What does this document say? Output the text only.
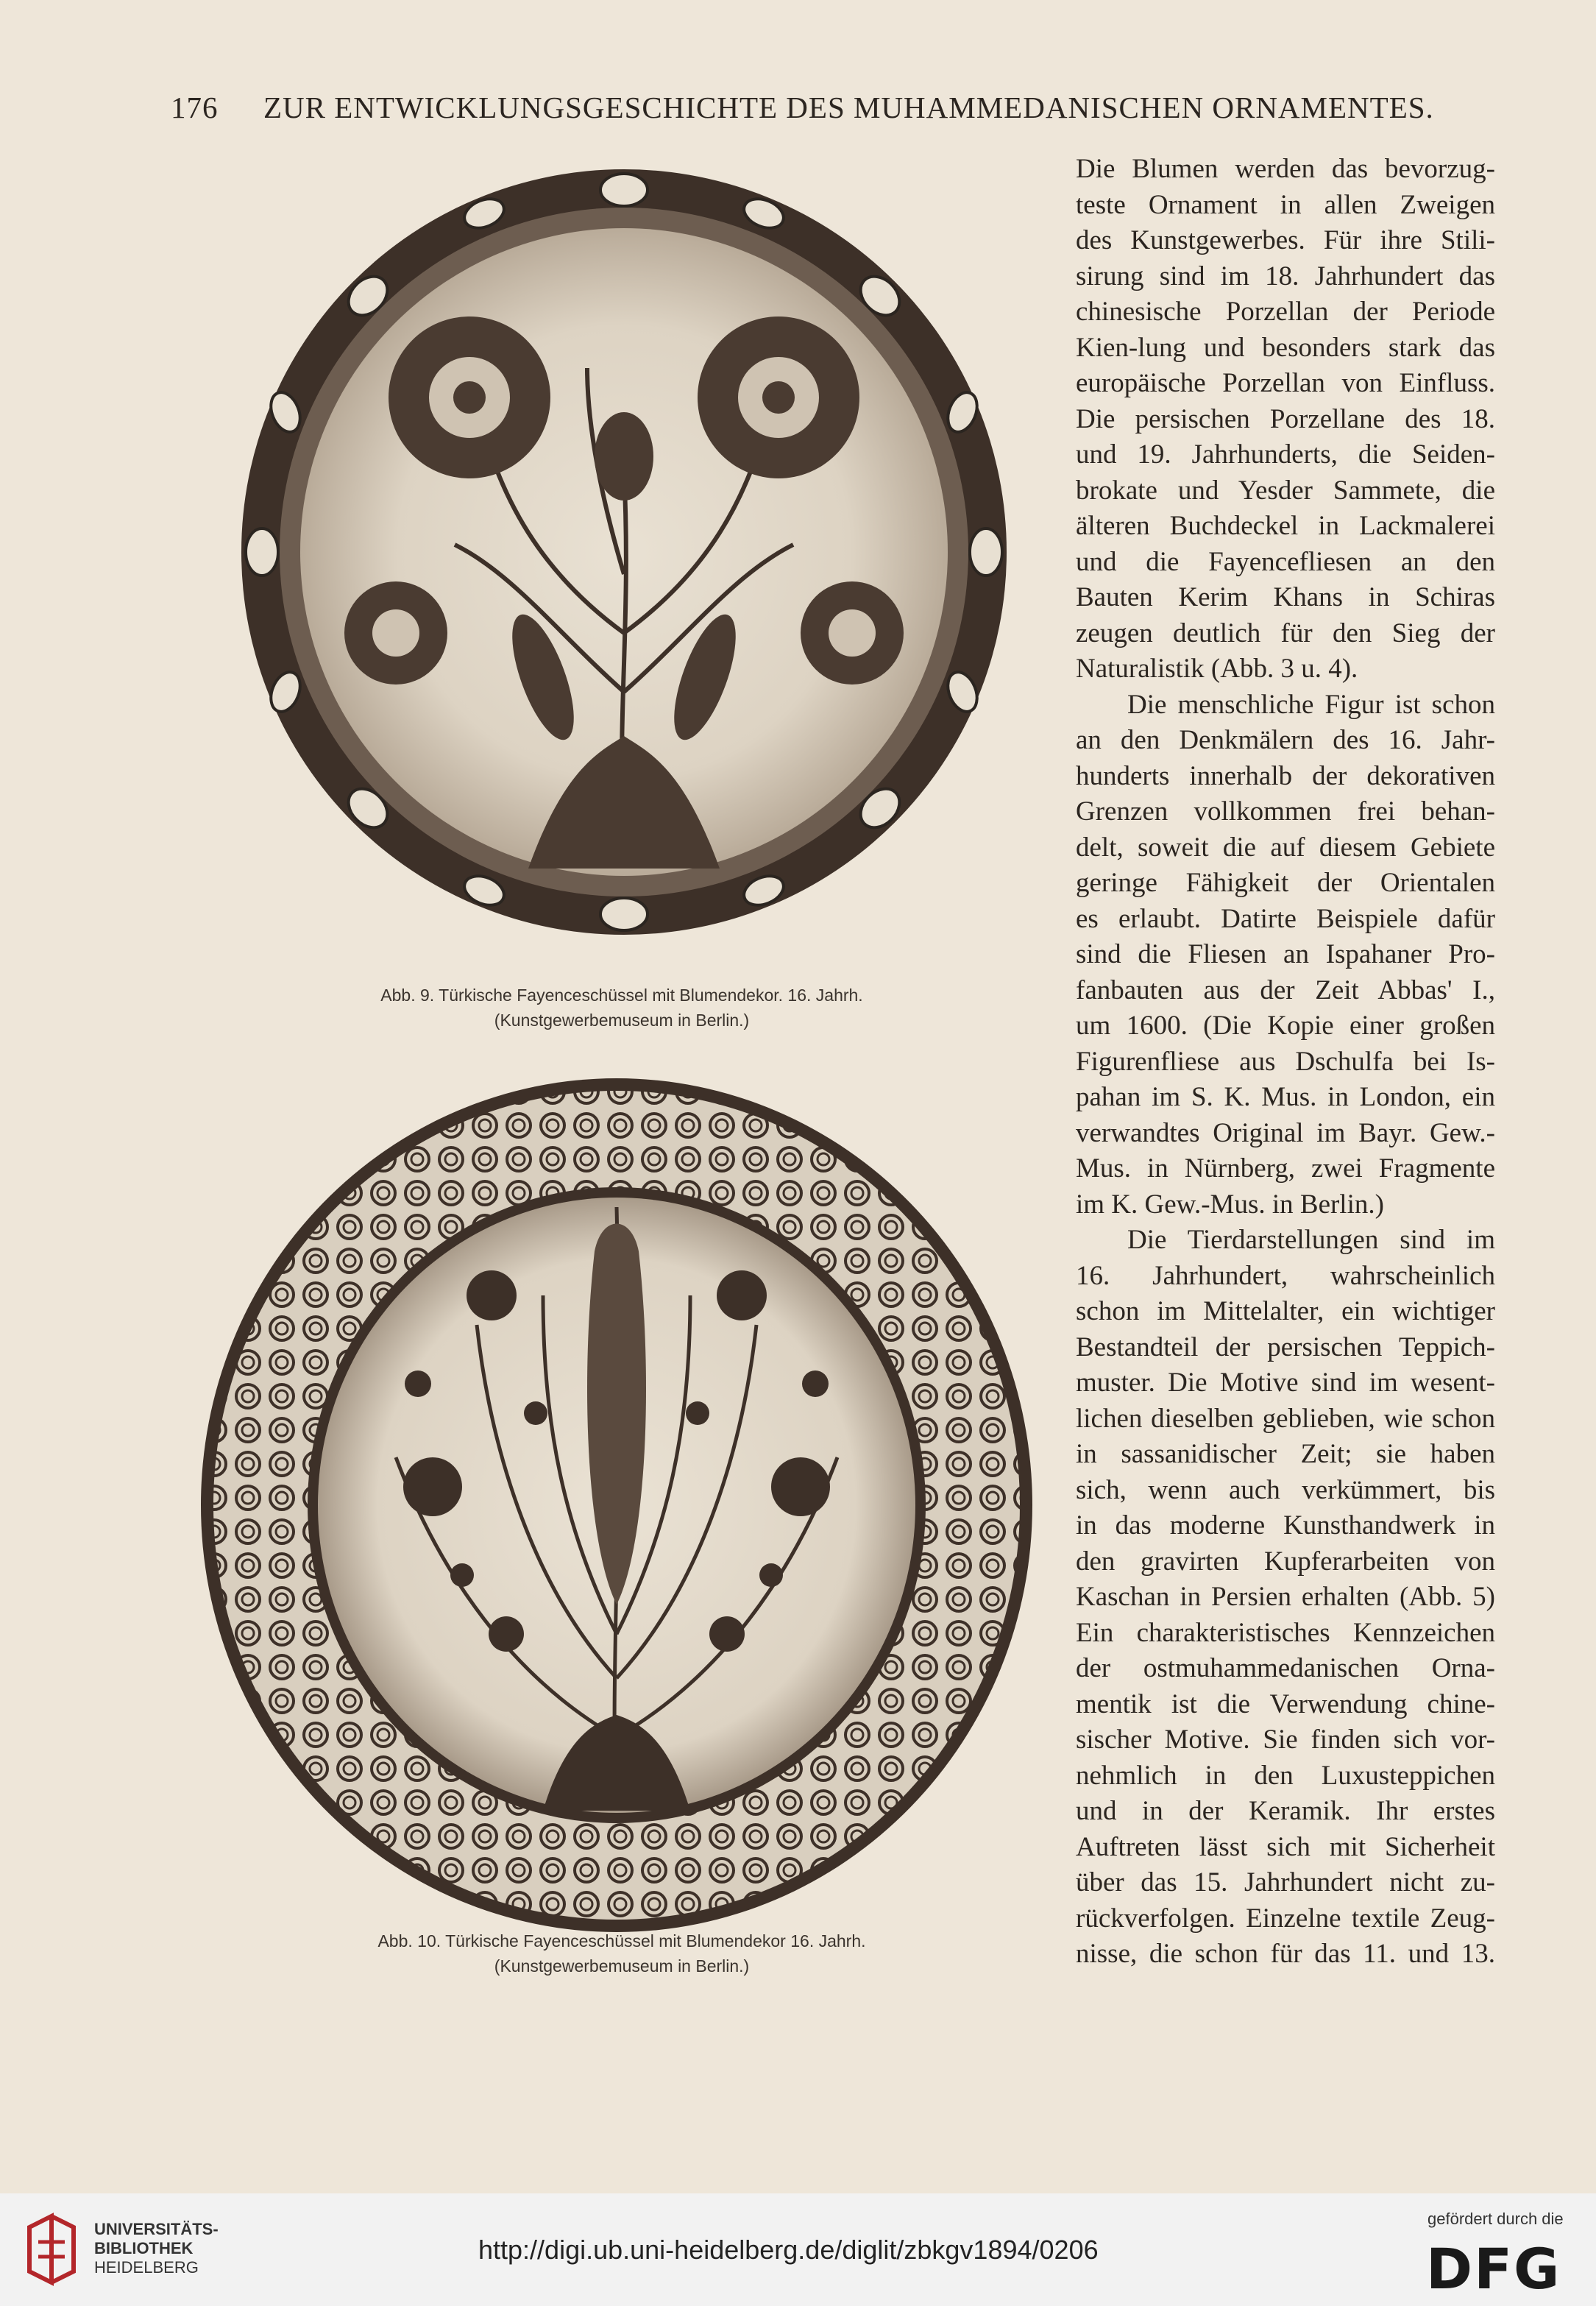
176 ZUR ENTWICKLUNGSGESCHICHTE DES MUHAMMEDANISCHEN ORNAMENTES.
Abb. 9. Türkische Fayenceschüssel mit Blumendekor. 16. Jahrh.
(Kunstgewerbemuseum in Berlin.)
Abb. 10. Türkische Fayenceschüssel mit Blumendekor 16. Jahrh.
(Kunstgewerbemuseum in Berlin.)
Die Blumen werden das bevorzug-
teste Ornament in allen Zweigen
des Kunstgewerbes. Für ihre Stili-
sirung sind im 18. Jahrhundert das
chinesische Porzellan der Periode
Kien-lung und besonders stark das
europäische Porzellan von Einfluss.
Die persischen Porzellane des 18.
und 19. Jahrhunderts, die Seiden-
brokate und Yesder Sammete, die
älteren Buchdeckel in Lackmalerei
und die Fayencefliesen an den
Bauten Kerim Khans in Schiras
zeugen deutlich für den Sieg der
Naturalistik (Abb. 3 u. 4).
Die menschliche Figur ist schon
an den Denkmälern des 16. Jahr-
hunderts innerhalb der dekorativen
Grenzen vollkommen frei behan-
delt, soweit die auf diesem Gebiete
geringe Fähigkeit der Orientalen
es erlaubt. Datirte Beispiele dafür
sind die Fliesen an Ispahaner Pro-
fanbauten aus der Zeit Abbas' I.,
um 1600. (Die Kopie einer großen
Figurenfliese aus Dschulfa bei Is-
pahan im S. K. Mus. in London, ein
verwandtes Original im Bayr. Gew.-
Mus. in Nürnberg, zwei Fragmente
im K. Gew.-Mus. in Berlin.)
Die Tierdarstellungen sind im
16. Jahrhundert, wahrscheinlich
schon im Mittelalter, ein wichtiger
Bestandteil der persischen Teppich-
muster. Die Motive sind im wesent-
lichen dieselben geblieben, wie schon
in sassanidischer Zeit; sie haben
sich, wenn auch verkümmert, bis
in das moderne Kunsthandwerk in
den gravirten Kupferarbeiten von
Kaschan in Persien erhalten (Abb. 5)
Ein charakteristisches Kennzeichen
der ostmuhammedanischen Orna-
mentik ist die Verwendung chine-
sischer Motive. Sie finden sich vor-
nehmlich in den Luxusteppichen
und in der Keramik. Ihr erstes
Auftreten lässt sich mit Sicherheit
über das 15. Jahrhundert nicht zu-
rückverfolgen. Einzelne textile Zeug-
nisse, die schon für das 11. und 13.
UNIVERSITÄTS-
BIBLIOTHEK
HEIDELBERG
http://digi.ub.uni-heidelberg.de/diglit/zbkgv1894/0206
gefördert durch die
DFG
